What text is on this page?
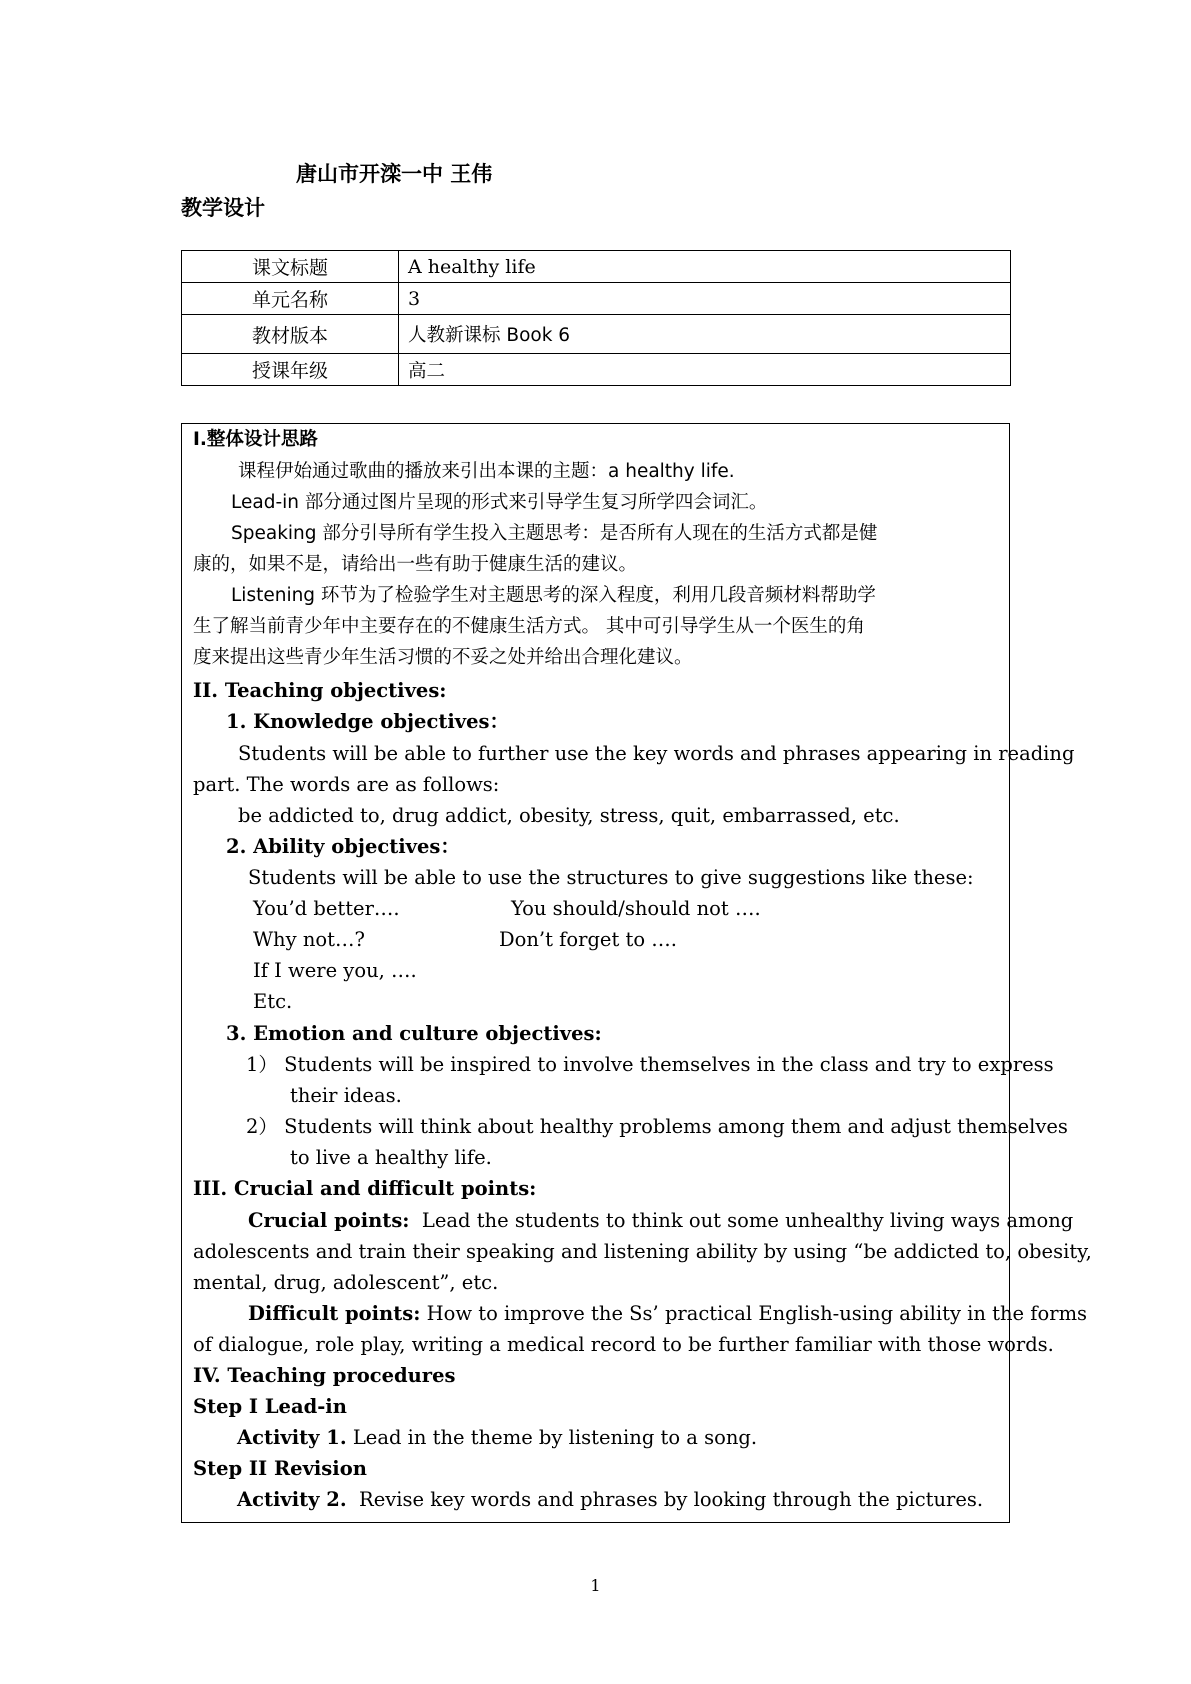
唐山市开滦一中 王伟
教学设计
课文标题	A healthy life
单元名称	3
教材版本	人教新课标 Book 6
授课年级	高二
I.整体设计思路
课程伊始通过歌曲的播放来引出本课的主题：a healthy life.
Lead-in 部分通过图片呈现的形式来引导学生复习所学四会词汇。
Speaking 部分引导所有学生投入主题思考：是否所有人现在的生活方式都是健
康的，如果不是，请给出一些有助于健康生活的建议。
Listening 环节为了检验学生对主题思考的深入程度，利用几段音频材料帮助学
生了解当前青少年中主要存在的不健康生活方式。 其中可引导学生从一个医生的角
度来提出这些青少年生活习惯的不妥之处并给出合理化建议。
II. Teaching objectives:
1. Knowledge objectives：
Students will be able to further use the key words and phrases appearing in reading
part. The words are as follows:
be addicted to, drug addict, obesity, stress, quit, embarrassed, etc.
2. Ability objectives：
Students will be able to use the structures to give suggestions like these:
You’d better….	You should/should not ….
Why not…?	Don’t forget to ….
If I were you, ….
Etc.
3. Emotion and culture objectives:
1） Students will be inspired to involve themselves in the class and try to express
their ideas.
2） Students will think about healthy problems among them and adjust themselves
to live a healthy life.
III. Crucial and difficult points:
Crucial points: Lead the students to think out some unhealthy living ways among
adolescents and train their speaking and listening ability by using “be addicted to, obesity,
mental, drug, adolescent”, etc.
Difficult points: How to improve the Ss’ practical English-using ability in the forms
of dialogue, role play, writing a medical record to be further familiar with those words.
IV. Teaching procedures
Step I Lead-in
Activity 1. Lead in the theme by listening to a song.
Step II Revision
Activity 2. Revise key words and phrases by looking through the pictures.
1
